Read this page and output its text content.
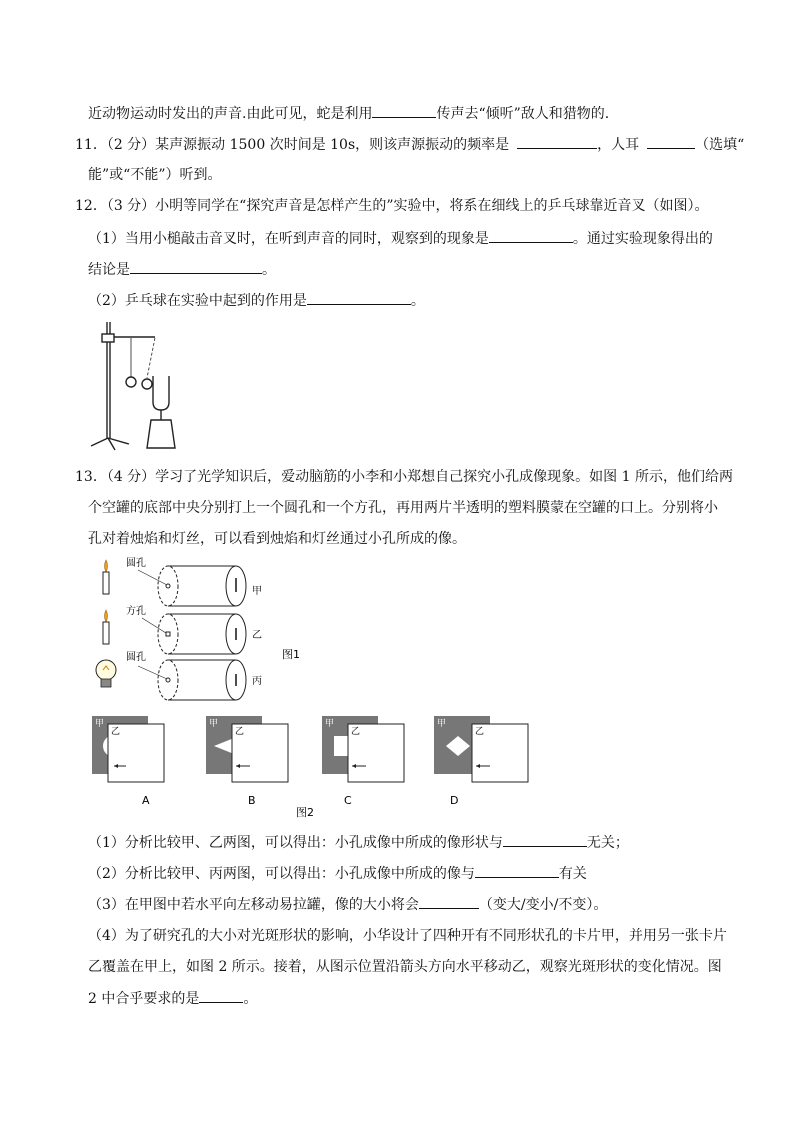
近动物运动时发出的声音.由此可见，蛇是利用	传声去“倾听”敌人和猎物的.
11．（2 分）某声源振动 1500 次时间是 10s，则该声源振动的频率是	，人耳	（选填“
能”或“不能”）听到。
12．（3 分）小明等同学在“探究声音是怎样产生的”实验中，将系在细线上的乒乓球靠近音叉（如图）。
（1）当用小槌敲击音叉时，在听到声音的同时，观察到的现象是	。通过实验现象得出的
结论是	。
（2）乒乓球在实验中起到的作用是	。
13．（4 分）学习了光学知识后，爱动脑筋的小李和小郑想自己探究小孔成像现象。如图 1 所示，他们给两
个空罐的底部中央分别打上一个圆孔和一个方孔，再用两片半透明的塑料膜蒙在空罐的口上。分别将小
孔对着烛焰和灯丝，可以看到烛焰和灯丝通过小孔所成的像。
圆孔
方孔
圆孔
甲
乙
丙
图1
甲
乙
甲
乙
甲
乙
甲
乙
A	B	C	D
图2
（1）分析比较甲、乙两图，可以得出：小孔成像中所成的像形状与	无关；
（2）分析比较甲、丙两图，可以得出：小孔成像中所成的像与	有关
（3）在甲图中若水平向左移动易拉罐，像的大小将会	（变大/变小/不变）。
（4）为了研究孔的大小对光斑形状的影响，小华设计了四种开有不同形状孔的卡片甲，并用另一张卡片
乙覆盖在甲上，如图 2 所示。接着，从图示位置沿箭头方向水平移动乙，观察光斑形状的变化情况。图
2 中合乎要求的是	。
